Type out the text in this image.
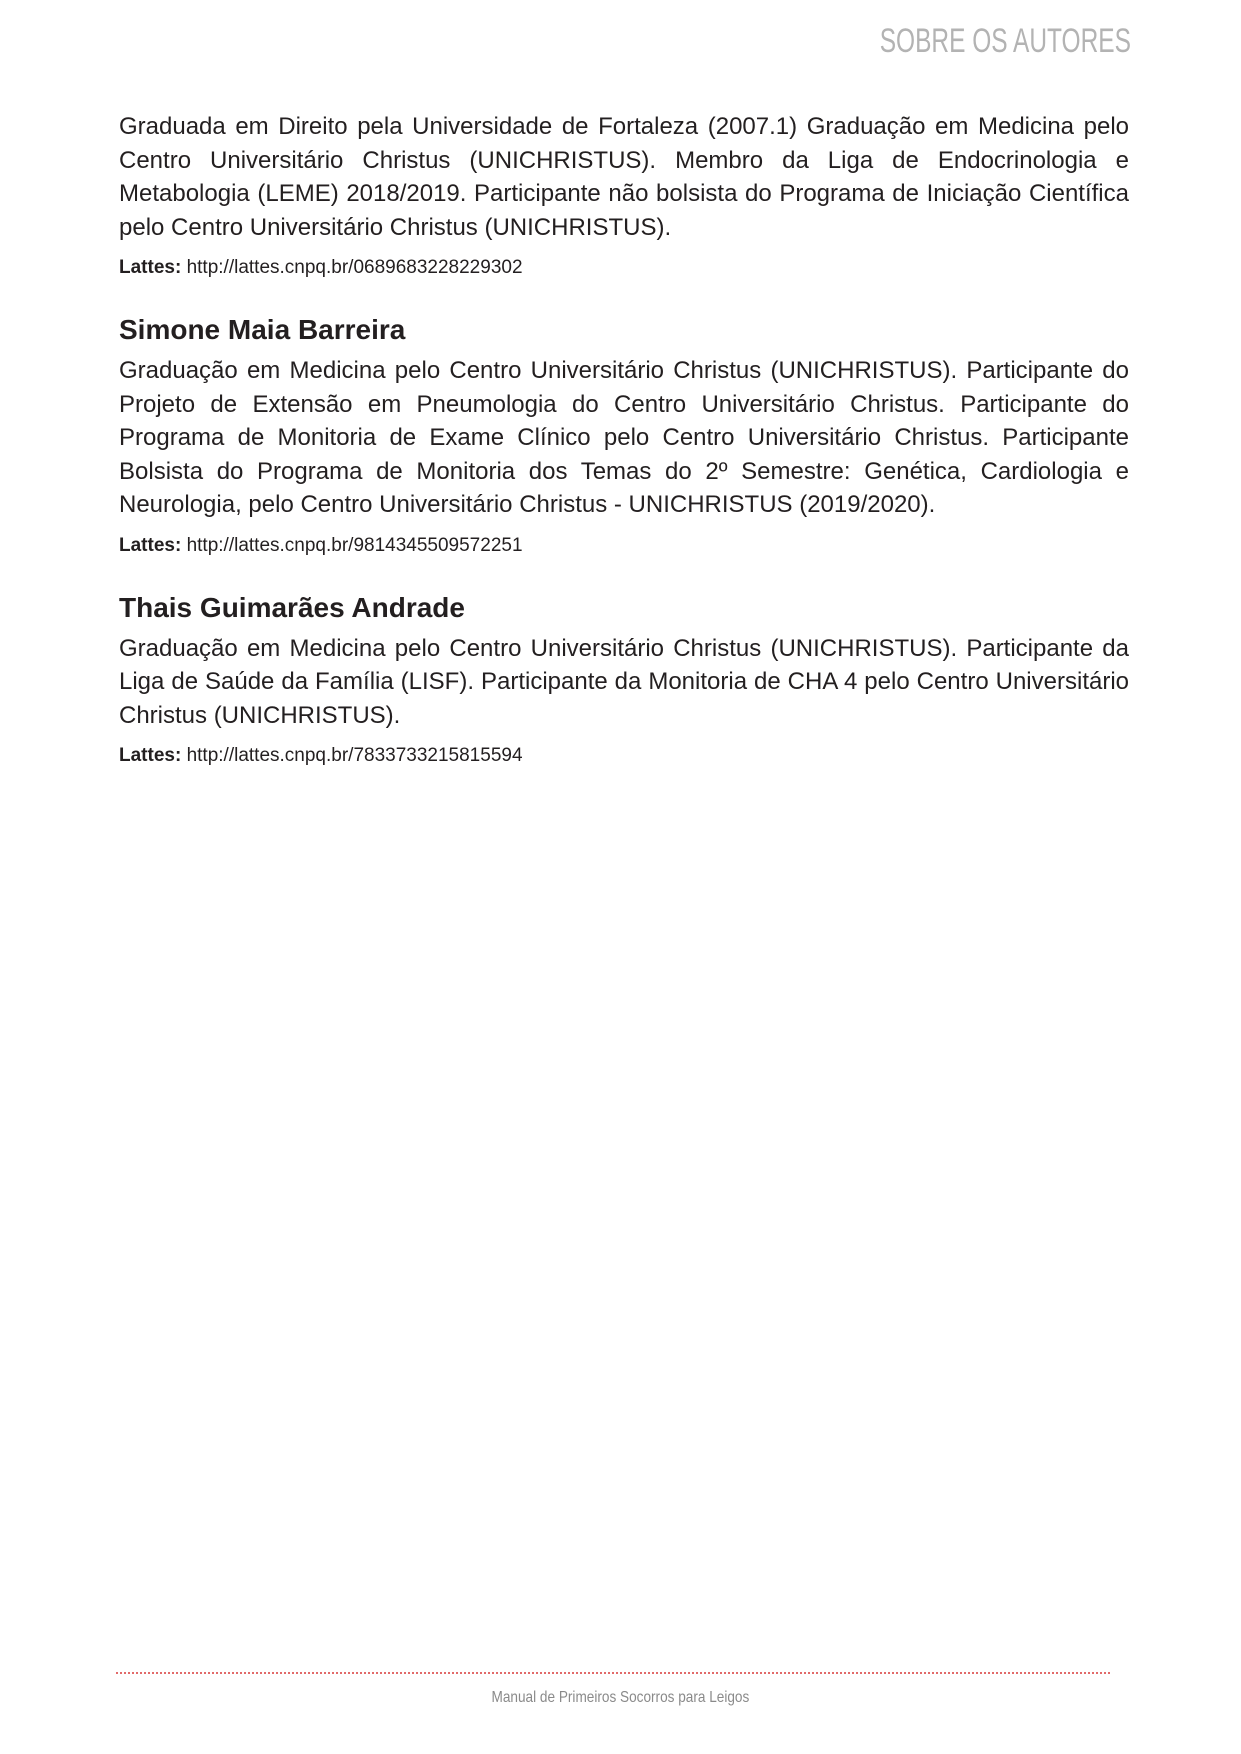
SOBRE OS AUTORES

Graduada em Direito pela Universidade de Fortaleza (2007.1) Graduação em Medicina pelo Centro Universitário Christus (UNICHRISTUS). Membro da Liga de Endocrinologia e Metabologia (LEME) 2018/2019. Participante não bolsista do Programa de Iniciação Científica pelo Centro Universitário Christus (UNICHRISTUS).

Lattes: http://lattes.cnpq.br/0689683228229302

Simone Maia Barreira

Graduação em Medicina pelo Centro Universitário Christus (UNICHRISTUS). Participante do Projeto de Extensão em Pneumologia do Centro Universitário Christus. Participante do Programa de Monitoria de Exame Clínico pelo Centro Universitário Christus. Participante Bolsista do Programa de Monitoria dos Temas do 2º Semestre: Genética, Cardiologia e Neurologia, pelo Centro Universitário Christus - UNICHRISTUS (2019/2020).

Lattes: http://lattes.cnpq.br/9814345509572251

Thais Guimarães Andrade

Graduação em Medicina pelo Centro Universitário Christus (UNICHRISTUS). Participante da Liga de Saúde da Família (LISF). Participante da Monitoria de CHA 4 pelo Centro Universitário Christus (UNICHRISTUS).

Lattes: http://lattes.cnpq.br/7833733215815594

Manual de Primeiros Socorros para Leigos
